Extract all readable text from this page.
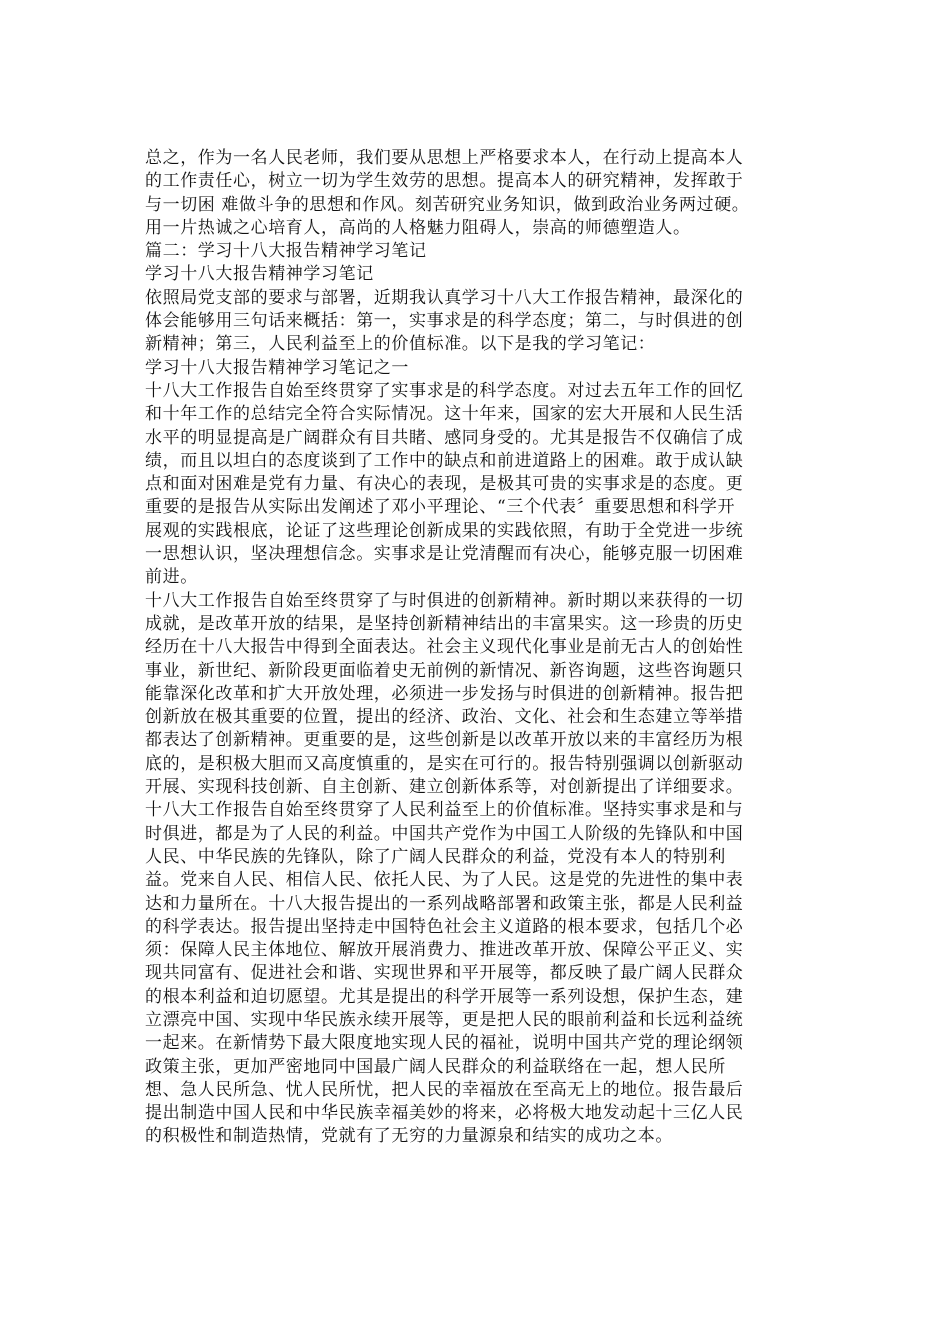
总之，作为一名人民老师，我们要从思想上严格要求本人，在行动上提高本人
的工作责任心，树立一切为学生效劳的思想。提高本人的研究精神，发挥敢于
与一切困 难做斗争的思想和作风。刻苦研究业务知识，做到政治业务两过硬。
用一片热诚之心培育人，高尚的人格魅力阻碍人，崇高的师德塑造人。
篇二：学习十八大报告精神学习笔记
学习十八大报告精神学习笔记
依照局党支部的要求与部署，近期我认真学习十八大工作报告精神，最深化的
体会能够用三句话来概括：第一，实事求是的科学态度；第二，与时俱进的创
新精神；第三，人民利益至上的价值标准。以下是我的学习笔记：
学习十八大报告精神学习笔记之一
十八大工作报告自始至终贯穿了实事求是的科学态度。对过去五年工作的回忆
和十年工作的总结完全符合实际情况。这十年来，国家的宏大开展和人民生活
水平的明显提高是广阔群众有目共睹、感同身受的。尤其是报告不仅确信了成
绩，而且以坦白的态度谈到了工作中的缺点和前进道路上的困难。敢于成认缺
点和面对困难是党有力量、有决心的表现，是极其可贵的实事求是的态度。更
重要的是报告从实际出发阐述了邓小平理论、“三个代表〞重要思想和科学开
展观的实践根底，论证了这些理论创新成果的实践依照，有助于全党进一步统
一思想认识，坚决理想信念。实事求是让党清醒而有决心，能够克服一切困难
前进。
十八大工作报告自始至终贯穿了与时俱进的创新精神。新时期以来获得的一切
成就，是改革开放的结果，是坚持创新精神结出的丰富果实。这一珍贵的历史
经历在十八大报告中得到全面表达。社会主义现代化事业是前无古人的创始性
事业，新世纪、新阶段更面临着史无前例的新情况、新咨询题，这些咨询题只
能靠深化改革和扩大开放处理，必须进一步发扬与时俱进的创新精神。报告把
创新放在极其重要的位置，提出的经济、政治、文化、社会和生态建立等举措
都表达了创新精神。更重要的是，这些创新是以改革开放以来的丰富经历为根
底的，是积极大胆而又高度慎重的，是实在可行的。报告特别强调以创新驱动
开展、实现科技创新、自主创新、建立创新体系等，对创新提出了详细要求。
十八大工作报告自始至终贯穿了人民利益至上的价值标准。坚持实事求是和与
时俱进，都是为了人民的利益。中国共产党作为中国工人阶级的先锋队和中国
人民、中华民族的先锋队，除了广阔人民群众的利益，党没有本人的特别利
益。党来自人民、相信人民、依托人民、为了人民。这是党的先进性的集中表
达和力量所在。十八大报告提出的一系列战略部署和政策主张，都是人民利益
的科学表达。报告提出坚持走中国特色社会主义道路的根本要求，包括几个必
须：保障人民主体地位、解放开展消费力、推进改革开放、保障公平正义、实
现共同富有、促进社会和谐、实现世界和平开展等，都反映了最广阔人民群众
的根本利益和迫切愿望。尤其是提出的科学开展等一系列设想，保护生态，建
立漂亮中国、实现中华民族永续开展等，更是把人民的眼前利益和长远利益统
一起来。在新情势下最大限度地实现人民的福祉，说明中国共产党的理论纲领
政策主张，更加严密地同中国最广阔人民群众的利益联络在一起，想人民所
想、急人民所急、忧人民所忧，把人民的幸福放在至高无上的地位。报告最后
提出制造中国人民和中华民族幸福美妙的将来，必将极大地发动起十三亿人民
的积极性和制造热情，党就有了无穷的力量源泉和结实的成功之本。
